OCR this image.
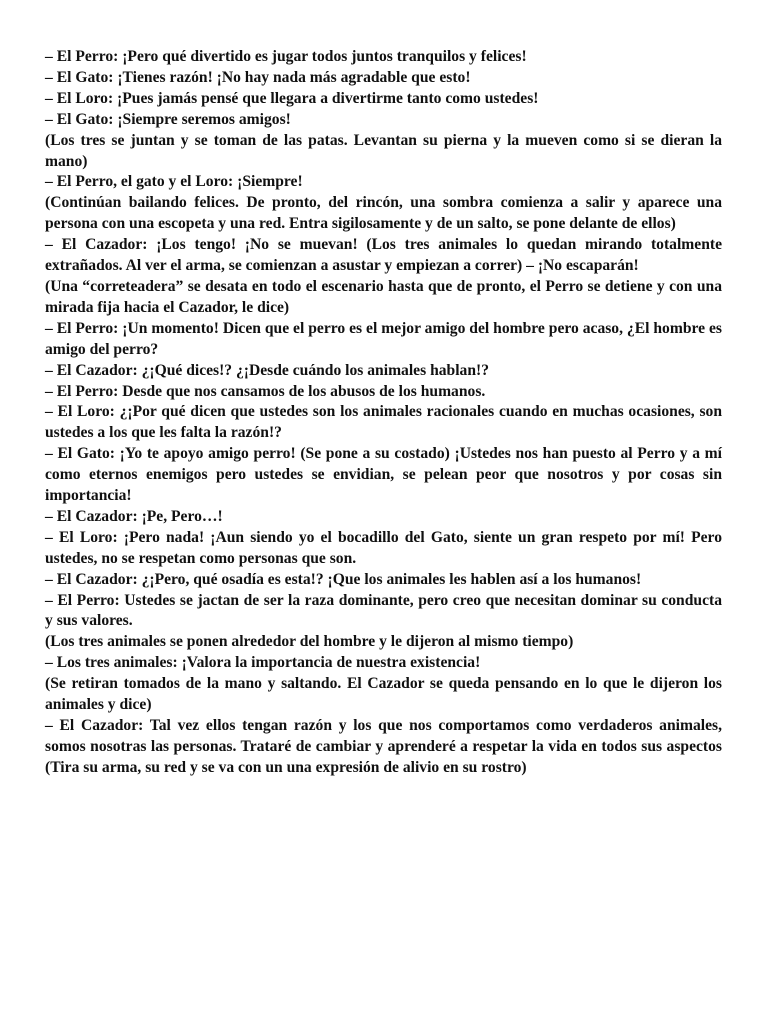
– El Perro: ¡Pero qué divertido es jugar todos juntos tranquilos y felices!

– El Gato: ¡Tienes razón! ¡No hay nada más agradable que esto!

– El Loro: ¡Pues jamás pensé que llegara a divertirme tanto como ustedes!

– El Gato: ¡Siempre seremos amigos!

(Los tres se juntan y se toman de las patas. Levantan su pierna y la mueven como si se dieran la mano)

– El Perro, el gato y el Loro: ¡Siempre!

(Continúan bailando felices. De pronto, del rincón, una sombra comienza a salir y aparece una persona con una escopeta y una red. Entra sigilosamente y de un salto, se pone delante de ellos)

– El Cazador: ¡Los tengo! ¡No se muevan! (Los tres animales lo quedan mirando totalmente extrañados. Al ver el arma, se comienzan a asustar y empiezan a correr) – ¡No escaparán!

(Una “correteadera” se desata en todo el escenario hasta que de pronto, el Perro se detiene y con una mirada fija hacia el Cazador, le dice)

– El Perro: ¡Un momento! Dicen que el perro es el mejor amigo del hombre pero acaso, ¿El hombre es amigo del perro?

– El Cazador: ¿¡Qué dices!? ¿¡Desde cuándo los animales hablan!?

– El Perro: Desde que nos cansamos de los abusos de los humanos.

– El Loro: ¿¡Por qué dicen que ustedes son los animales racionales cuando en muchas ocasiones, son ustedes a los que les falta la razón!?

– El Gato: ¡Yo te apoyo amigo perro! (Se pone a su costado) ¡Ustedes nos han puesto al Perro y a mí como eternos enemigos pero ustedes se envidian, se pelean peor que nosotros y por cosas sin importancia!

– El Cazador: ¡Pe, Pero…!

– El Loro: ¡Pero nada! ¡Aun siendo yo el bocadillo del Gato, siente un gran respeto por mí! Pero ustedes, no se respetan como personas que son.

– El Cazador: ¿¡Pero, qué osadía es esta!? ¡Que los animales les hablen así a los humanos!

– El Perro: Ustedes se jactan de ser la raza dominante, pero creo que necesitan dominar su conducta y sus valores.

(Los tres animales se ponen alrededor del hombre y le dijeron al mismo tiempo)

– Los tres animales: ¡Valora la importancia de nuestra existencia!

(Se retiran tomados de la mano y saltando. El Cazador se queda pensando en lo que le dijeron los animales y dice)

– El Cazador: Tal vez ellos tengan razón y los que nos comportamos como verdaderos animales, somos nosotras las personas. Trataré de cambiar y aprenderé a respetar la vida en todos sus aspectos (Tira su arma, su red y se va con un una expresión de alivio en su rostro)
